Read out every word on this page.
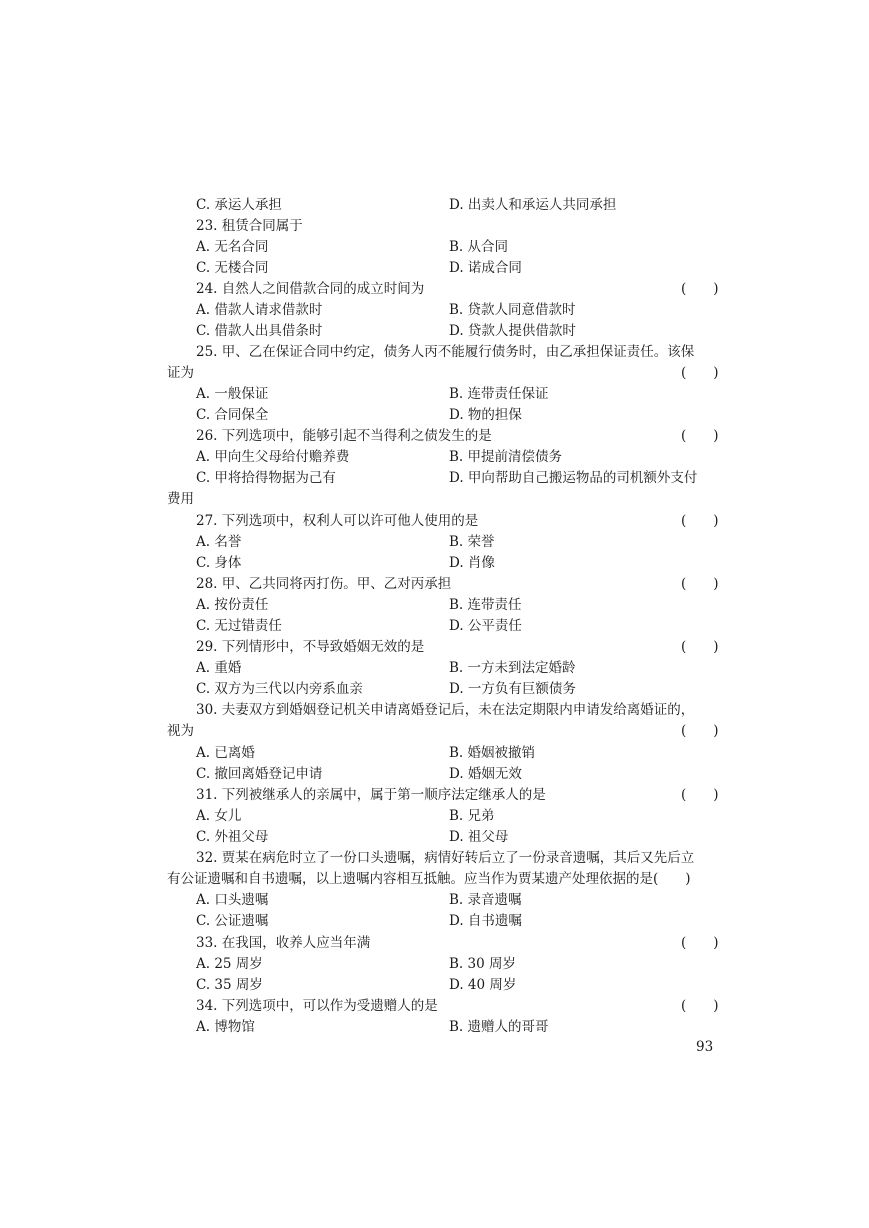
C. 承运人承担	D. 出卖人和承运人共同承担
23. 租赁合同属于
A. 无名合同	B. 从合同
C. 无楼合同	D. 诺成合同
24. 自然人之间借款合同的成立时间为	(　　)
A. 借款人请求借款时	B. 贷款人同意借款时
C. 借款人出具借条时	D. 贷款人提供借款时
25. 甲、乙在保证合同中约定，债务人丙不能履行债务时，由乙承担保证责任。该保
证为	(　　)
A. 一般保证	B. 连带责任保证
C. 合同保全	D. 物的担保
26. 下列选项中，能够引起不当得利之债发生的是	(　　)
A. 甲向生父母给付赡养费	B. 甲提前清偿债务
C. 甲将拾得物据为己有	D. 甲向帮助自己搬运物品的司机额外支付
费用
27. 下列选项中，权利人可以许可他人使用的是	(　　)
A. 名誉	B. 荣誉
C. 身体	D. 肖像
28. 甲、乙共同将丙打伤。甲、乙对丙承担	(　　)
A. 按份责任	B. 连带责任
C. 无过错责任	D. 公平责任
29. 下列情形中，不导致婚姻无效的是	(　　)
A. 重婚	B. 一方未到法定婚龄
C. 双方为三代以内旁系血亲	D. 一方负有巨额债务
30. 夫妻双方到婚姻登记机关申请离婚登记后，未在法定期限内申请发给离婚证的，
视为	(　　)
A. 已离婚	B. 婚姻被撤销
C. 撤回离婚登记申请	D. 婚姻无效
31. 下列被继承人的亲属中，属于第一顺序法定继承人的是	(　　)
A. 女儿	B. 兄弟
C. 外祖父母	D. 祖父母
32. 贾某在病危时立了一份口头遗嘱，病情好转后立了一份录音遗嘱，其后又先后立
有公证遗嘱和自书遗嘱，以上遗嘱内容相互抵触。应当作为贾某遗产处理依据的是(　　)
A. 口头遗嘱	B. 录音遗嘱
C. 公证遗嘱	D. 自书遗嘱
33. 在我国，收养人应当年满	(　　)
A. 25 周岁	B. 30 周岁
C. 35 周岁	D. 40 周岁
34. 下列选项中，可以作为受遗赠人的是	(　　)
A. 博物馆	B. 遗赠人的哥哥
93
